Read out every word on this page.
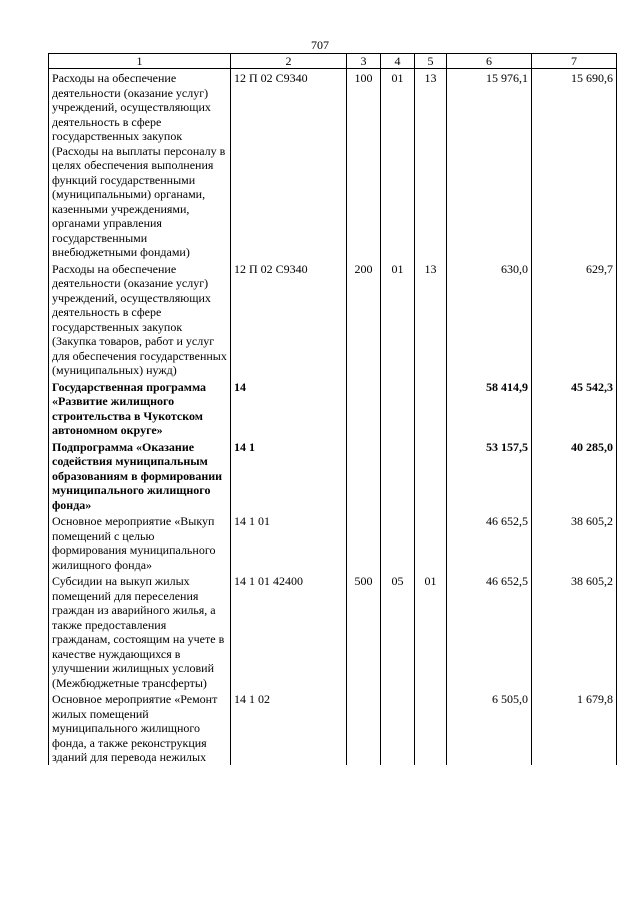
707
1	2	3	4	5	6	7
Расходы на обеспечение деятельности (оказание услуг) учреждений, осуществляющих деятельность в сфере государственных закупок (Расходы на выплаты персоналу в целях обеспечения выполнения функций государственными (муниципальными) органами, казенными учреждениями, органами управления государственными внебюджетными фондами)	12 П 02 С9340	100	01	13	15 976,1	15 690,6
Расходы на обеспечение деятельности (оказание услуг) учреждений, осуществляющих деятельность в сфере государственных закупок (Закупка товаров, работ и услуг для обеспечения государственных (муниципальных) нужд)	12 П 02 С9340	200	01	13	630,0	629,7
Государственная программа «Развитие жилищного строительства в Чукотском автономном округе»	14				58 414,9	45 542,3
Подпрограмма «Оказание содействия муниципальным образованиям в формировании муниципального жилищного фонда»	14 1				53 157,5	40 285,0
Основное мероприятие «Выкуп помещений с целью формирования муниципального жилищного фонда»	14 1 01				46 652,5	38 605,2
Субсидии на выкуп жилых помещений для переселения граждан из аварийного жилья, а также предоставления гражданам, состоящим на учете в качестве нуждающихся в улучшении жилищных условий (Межбюджетные трансферты)	14 1 01 42400	500	05	01	46 652,5	38 605,2
Основное мероприятие «Ремонт жилых помещений муниципального жилищного фонда, а также реконструкция зданий для перевода нежилых	14 1 02				6 505,0	1 679,8
